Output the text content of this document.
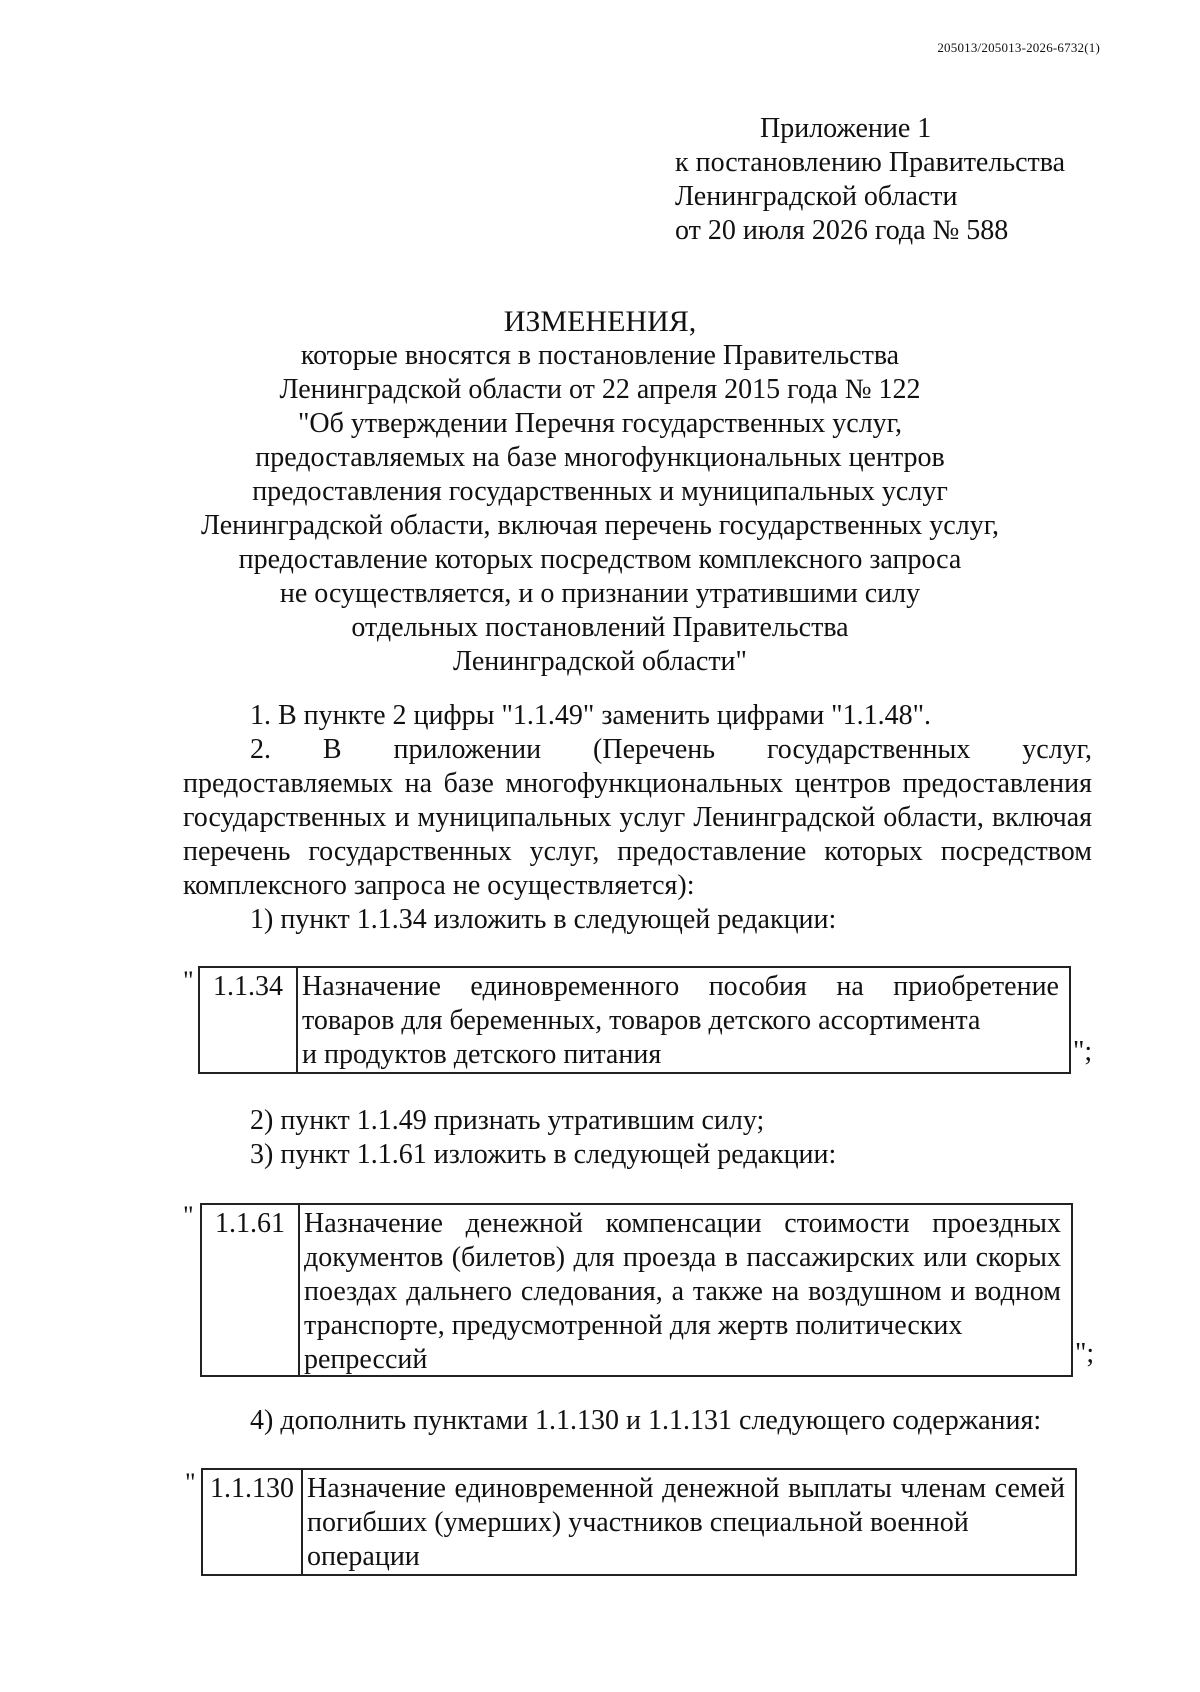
205013/205013-2026-6732(1)
Приложение 1
к постановлению Правительства
Ленинградской области
от 20 июля 2026 года № 588
ИЗМЕНЕНИЯ,
которые вносятся в постановление Правительства
Ленинградской области от 22 апреля 2015 года № 122
"Об утверждении Перечня государственных услуг,
предоставляемых на базе многофункциональных центров
предоставления государственных и муниципальных услуг
Ленинградской области, включая перечень государственных услуг,
предоставление которых посредством комплексного запроса
не осуществляется, и о признании утратившими силу
отдельных постановлений Правительства
Ленинградской области"
1. В пункте 2 цифры "1.1.49" заменить цифрами "1.1.48".
2. В приложении (Перечень государственных услуг,
предоставляемых на базе многофункциональных центров предоставления государственных и муниципальных услуг Ленинградской области, включая перечень государственных услуг, предоставление которых посредством комплексного запроса не осуществляется):
1) пункт 1.1.34 изложить в следующей редакции:
" 1.1.34 Назначение единовременного пособия на приобретение товаров для беременных, товаров детского ассортимента
и продуктов детского питания	";
2) пункт 1.1.49 признать утратившим силу;
3) пункт 1.1.61 изложить в следующей редакции:
" 1.1.61 Назначение денежной компенсации стоимости проездных документов (билетов) для проезда в пассажирских или скорых поездах дальнего следования, а также на воздушном и водном транспорте, предусмотренной для жертв политических
репрессий	";
4) дополнить пунктами 1.1.130 и 1.1.131 следующего содержания:
" 1.1.130 Назначение единовременной денежной выплаты членам семей погибших (умерших) участников специальной военной
операции
